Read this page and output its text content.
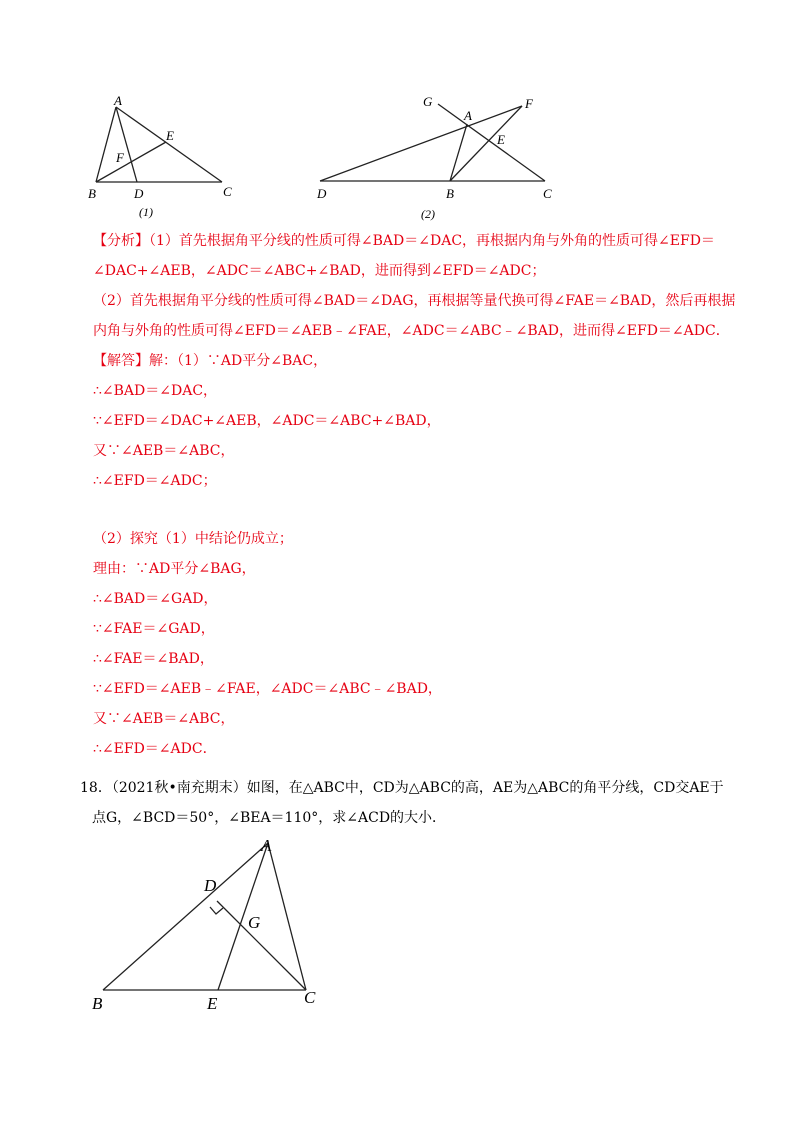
A
B	D	C
E
F
(1)
G
A
F
E
D	B	C
(2)
【分析】（1）首先根据角平分线的性质可得∠BAD＝∠DAC，再根据内角与外角的性质可得∠EFD＝
∠DAC+∠AEB，∠ADC＝∠ABC+∠BAD，进而得到∠EFD＝∠ADC；
（2）首先根据角平分线的性质可得∠BAD＝∠DAG，再根据等量代换可得∠FAE＝∠BAD，然后再根据
内角与外角的性质可得∠EFD＝∠AEB﹣∠FAE，∠ADC＝∠ABC﹣∠BAD，进而得∠EFD＝∠ADC．
【解答】解：（1）∵AD平分∠BAC，
∴∠BAD＝∠DAC，
∵∠EFD＝∠DAC+∠AEB，∠ADC＝∠ABC+∠BAD，
又∵∠AEB＝∠ABC，
∴∠EFD＝∠ADC；
（2）探究（1）中结论仍成立；
理由：∵AD平分∠BAG，
∴∠BAD＝∠GAD，
∵∠FAE＝∠GAD，
∴∠FAE＝∠BAD，
∵∠EFD＝∠AEB﹣∠FAE，∠ADC＝∠ABC﹣∠BAD，
又∵∠AEB＝∠ABC，
∴∠EFD＝∠ADC．
18．（2021秋•南充期末）如图，在△ABC中，CD为△ABC的高，AE为△ABC的角平分线，CD交AE于
点G，∠BCD＝50°，∠BEA＝110°，求∠ACD的大小．
A
D
G
B	E	C
